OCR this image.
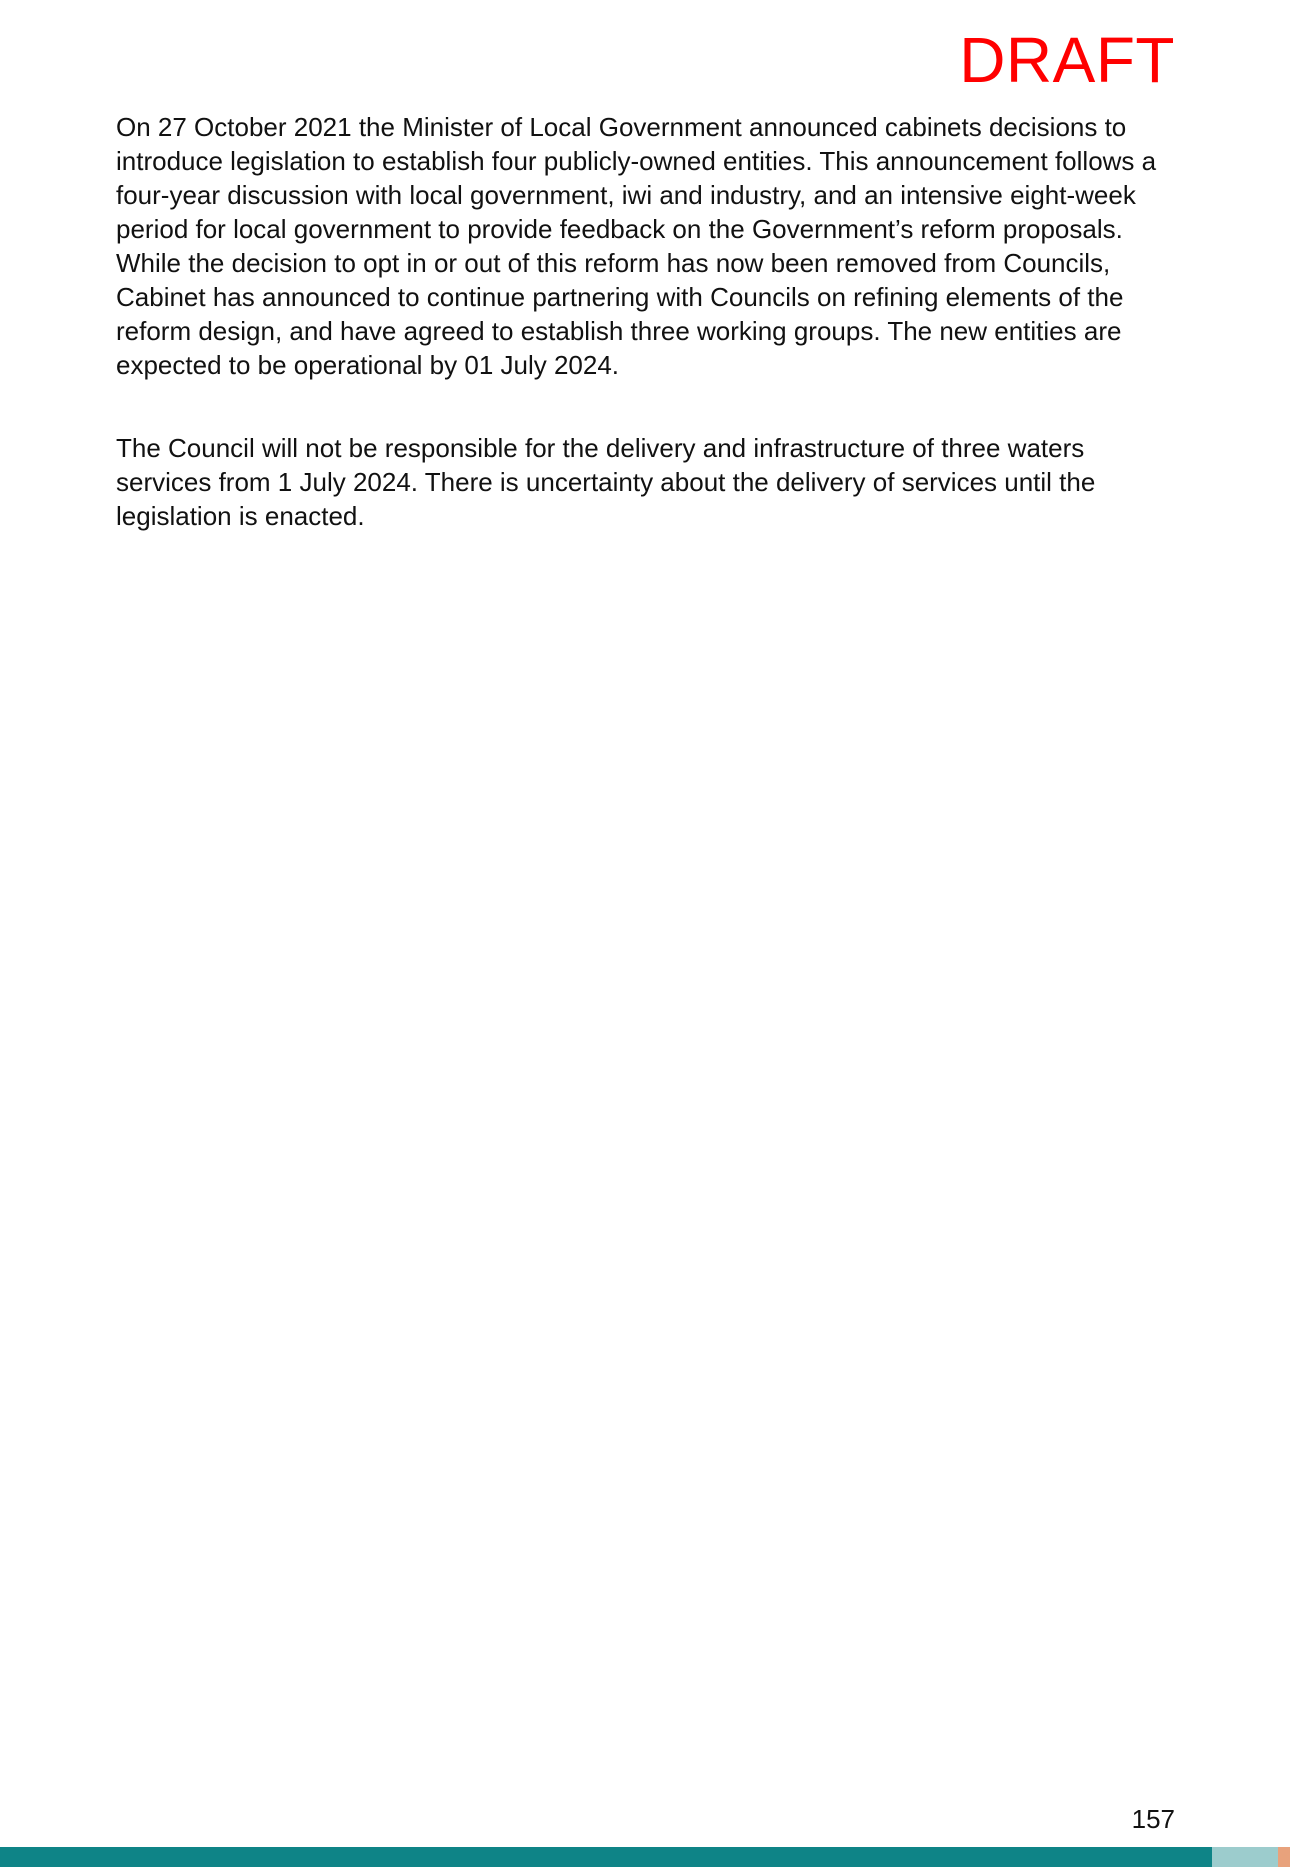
DRAFT

On 27 October 2021 the Minister of Local Government announced cabinets decisions to
introduce legislation to establish four publicly-owned entities. This announcement follows a
four-year discussion with local government, iwi and industry, and an intensive eight-week
period for local government to provide feedback on the Government’s reform proposals.
While the decision to opt in or out of this reform has now been removed from Councils,
Cabinet has announced to continue partnering with Councils on refining elements of the
reform design, and have agreed to establish three working groups. The new entities are
expected to be operational by 01 July 2024.

The Council will not be responsible for the delivery and infrastructure of three waters
services from 1 July 2024. There is uncertainty about the delivery of services until the
legislation is enacted.

157
